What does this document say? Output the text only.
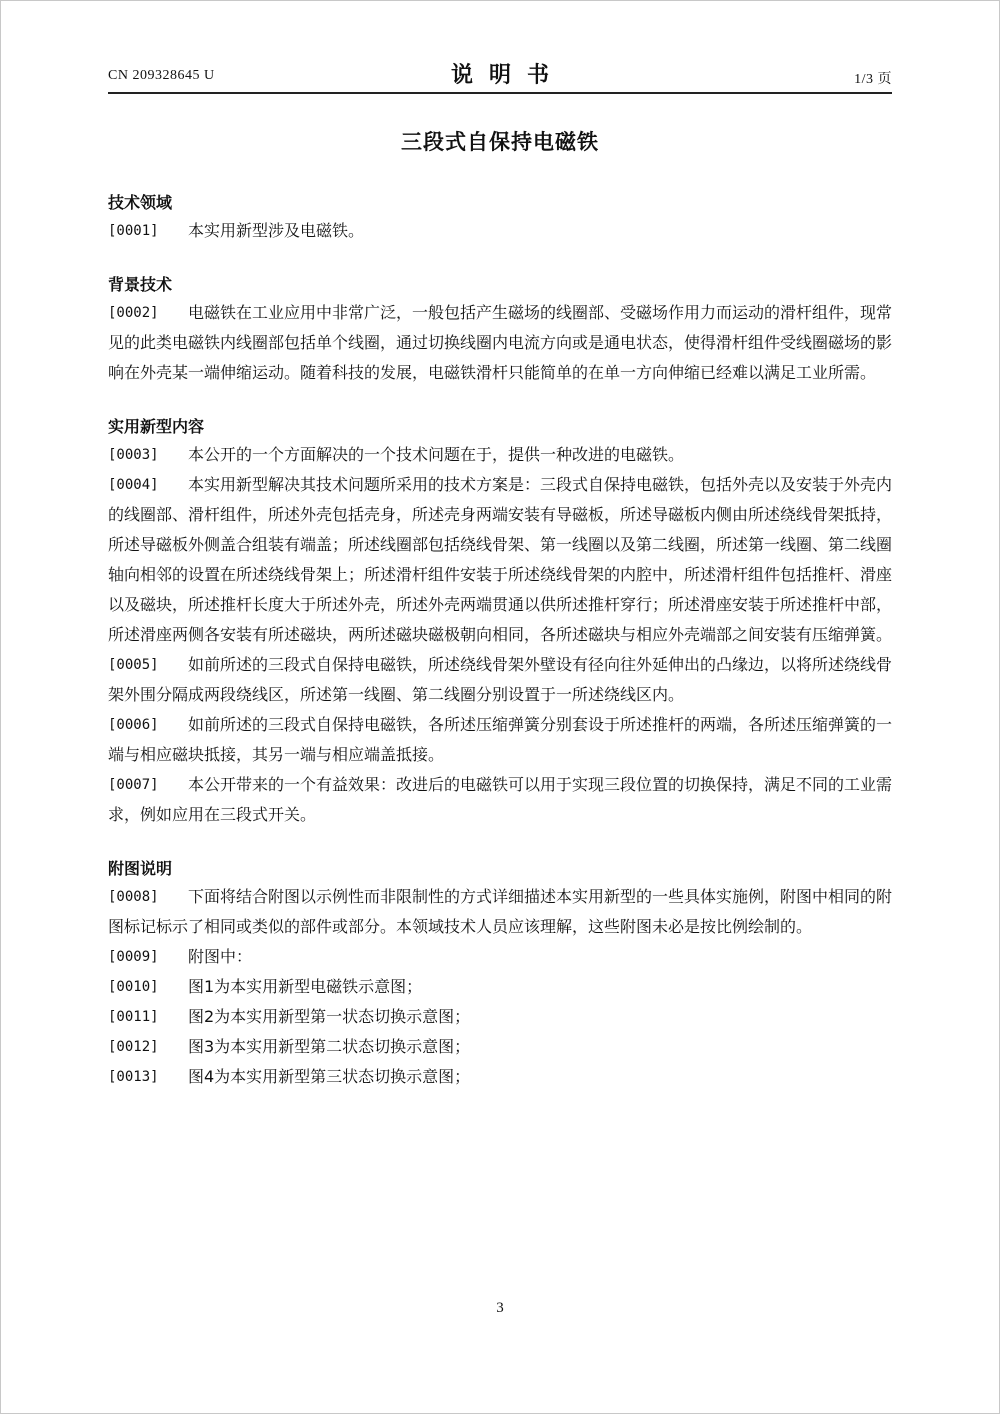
CN 209328645 U	说明书	1/3 页
三段式自保持电磁铁
技术领域
[0001] 本实用新型涉及电磁铁。
背景技术
[0002] 电磁铁在工业应用中非常广泛，一般包括产生磁场的线圈部、受磁场作用力而运动的滑杆组件，现常见的此类电磁铁内线圈部包括单个线圈，通过切换线圈内电流方向或是通电状态，使得滑杆组件受线圈磁场的影响在外壳某一端伸缩运动。随着科技的发展，电磁铁滑杆只能简单的在单一方向伸缩已经难以满足工业所需。
实用新型内容
[0003] 本公开的一个方面解决的一个技术问题在于，提供一种改进的电磁铁。
[0004] 本实用新型解决其技术问题所采用的技术方案是：三段式自保持电磁铁，包括外壳以及安装于外壳内的线圈部、滑杆组件，所述外壳包括壳身，所述壳身两端安装有导磁板，所述导磁板内侧由所述绕线骨架抵持，所述导磁板外侧盖合组装有端盖；所述线圈部包括绕线骨架、第一线圈以及第二线圈，所述第一线圈、第二线圈轴向相邻的设置在所述绕线骨架上；所述滑杆组件安装于所述绕线骨架的内腔中，所述滑杆组件包括推杆、滑座以及磁块，所述推杆长度大于所述外壳，所述外壳两端贯通以供所述推杆穿行；所述滑座安装于所述推杆中部，所述滑座两侧各安装有所述磁块，两所述磁块磁极朝向相同，各所述磁块与相应外壳端部之间安装有压缩弹簧。
[0005] 如前所述的三段式自保持电磁铁，所述绕线骨架外壁设有径向往外延伸出的凸缘边，以将所述绕线骨架外围分隔成两段绕线区，所述第一线圈、第二线圈分别设置于一所述绕线区内。
[0006] 如前所述的三段式自保持电磁铁，各所述压缩弹簧分别套设于所述推杆的两端，各所述压缩弹簧的一端与相应磁块抵接，其另一端与相应端盖抵接。
[0007] 本公开带来的一个有益效果：改进后的电磁铁可以用于实现三段位置的切换保持，满足不同的工业需求，例如应用在三段式开关。
附图说明
[0008] 下面将结合附图以示例性而非限制性的方式详细描述本实用新型的一些具体实施例，附图中相同的附图标记标示了相同或类似的部件或部分。本领域技术人员应该理解，这些附图未必是按比例绘制的。
[0009] 附图中：
[0010] 图1为本实用新型电磁铁示意图；
[0011] 图2为本实用新型第一状态切换示意图；
[0012] 图3为本实用新型第二状态切换示意图；
[0013] 图4为本实用新型第三状态切换示意图；
3
